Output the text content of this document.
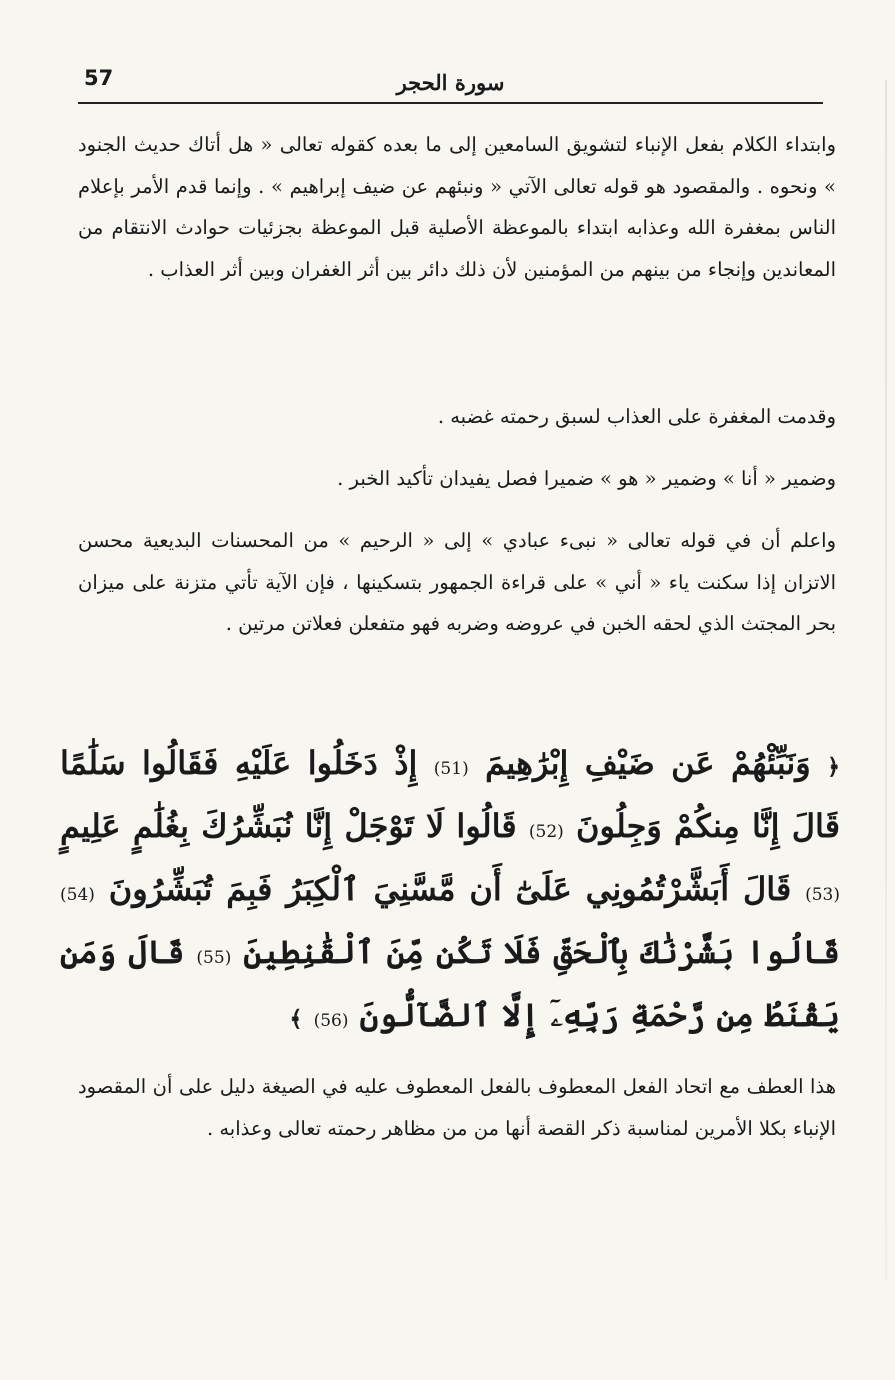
57	سورة الحجر
وابتداء الكلام بفعل الإنباء لتشويق السامعين إلى ما بعده كقوله تعالى « هل أتاك حديث الجنود » ونحوه . والمقصود هو قوله تعالى الآتي « ونبئهم عن ضيف إبراهيم » . وإنما قدم الأمر بإعلام الناس بمغفرة الله وعذابه ابتداء بالموعظة الأصلية قبل الموعظة بجزئيات حوادث الانتقام من المعاندين وإنجاء من بينهم من المؤمنين لأن ذلك دائر بين أثر الغفران وبين أثر العذاب .
وقدمت المغفرة على العذاب لسبق رحمته غضبه .
وضمير « أنا » وضمير « هو » ضميرا فصل يفيدان تأكيد الخبر .
واعلم أن في قوله تعالى « نبىء عبادي » إلى « الرحيم » من المحسنات البديعية محسن الاتزان إذا سكنت ياء « أني » على قراءة الجمهور بتسكينها ، فإن الآية تأتي متزنة على ميزان بحر المجتث الذي لحقه الخبن في عروضه وضربه فهو متفعلن فعلاتن مرتين .
﴿ وَنَبِّئْهُمْ عَن ضَيْفِ إِبْرَٰهِيمَ (51) إِذْ دَخَلُوا عَلَيْهِ فَقَالُوا سَلَٰمًا قَالَ إِنَّا مِنكُمْ وَجِلُونَ (52) قَالُوا لَا تَوْجَلْ إِنَّا نُبَشِّرُكَ بِغُلَٰمٍ عَلِيمٍ (53) قَالَ أَبَشَّرْتُمُونِي عَلَىٰٓ أَن مَّسَّنِيَ ٱلْكِبَرُ فَبِمَ تُبَشِّرُونَ (54) قَالُوا بَشَّرْنَٰكَ بِٱلْحَقِّ فَلَا تَكُن مِّنَ ٱلْقَٰنِطِينَ (55) قَالَ وَمَن يَقْنَطُ مِن رَّحْمَةِ رَبِّهِۦٓ إِلَّا ٱلضَّآلُّونَ (56) ﴾
هذا العطف مع اتحاد الفعل المعطوف بالفعل المعطوف عليه في الصيغة دليل على أن المقصود الإنباء بكلا الأمرين لمناسبة ذكر القصة أنها من من مظاهر رحمته تعالى وعذابه .
